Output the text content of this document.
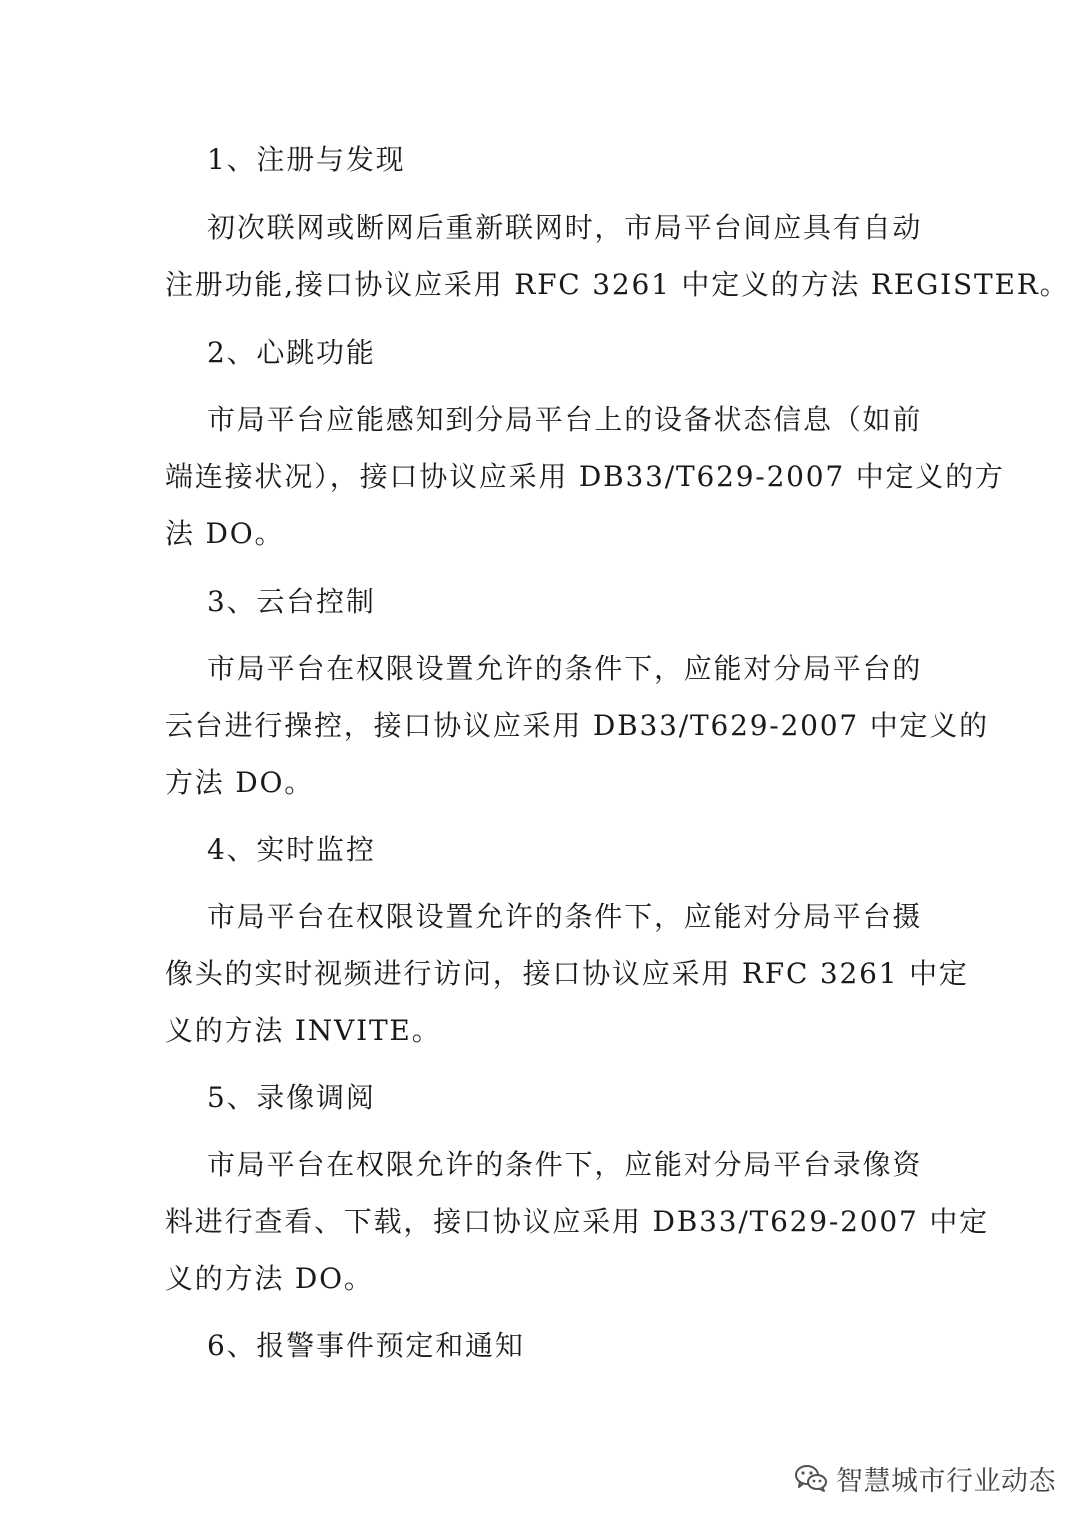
1、注册与发现
初次联网或断网后重新联网时，市局平台间应具有自动
注册功能,接口协议应采用 RFC 3261 中定义的方法 REGISTER。
2、心跳功能
市局平台应能感知到分局平台上的设备状态信息（如前
端连接状况），接口协议应采用 DB33/T629-2007 中定义的方
法 DO。
3、云台控制
市局平台在权限设置允许的条件下，应能对分局平台的
云台进行操控，接口协议应采用 DB33/T629-2007 中定义的
方法 DO。
4、实时监控
市局平台在权限设置允许的条件下，应能对分局平台摄
像头的实时视频进行访问，接口协议应采用 RFC 3261 中定
义的方法 INVITE。
5、录像调阅
市局平台在权限允许的条件下，应能对分局平台录像资
料进行查看、下载，接口协议应采用 DB33/T629-2007 中定
义的方法 DO。
6、报警事件预定和通知
智慧城市行业动态
